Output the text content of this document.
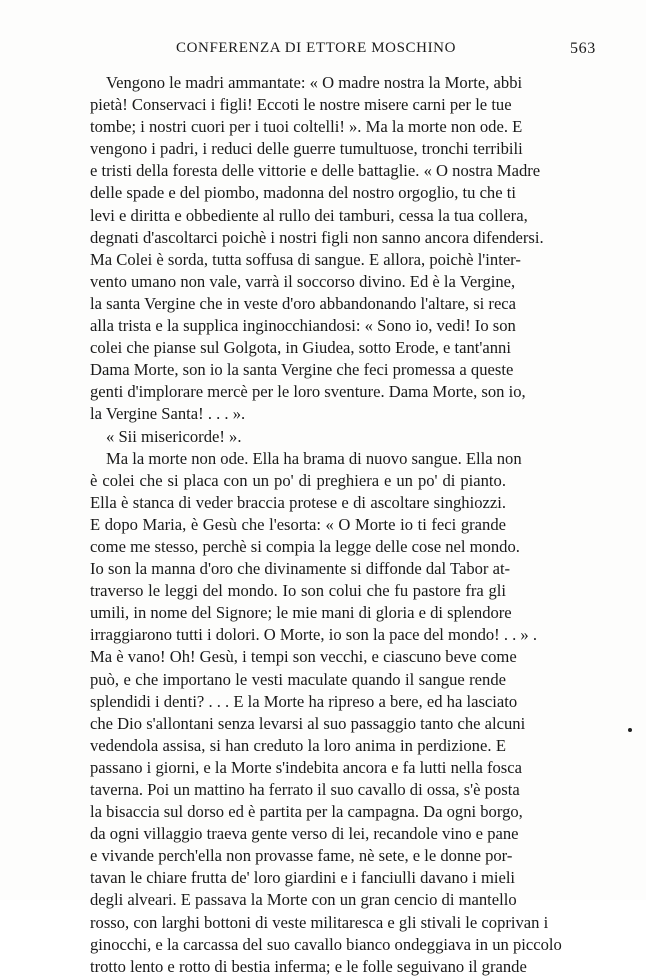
CONFERENZA DI ETTORE MOSCHINO	563
Vengono le madri ammantate: « O madre nostra la Morte, abbi
pietà! Conservaci i figli! Eccoti le nostre misere carni per le tue
tombe; i nostri cuori per i tuoi coltelli! ». Ma la morte non ode. E
vengono i padri, i reduci delle guerre tumultuose, tronchi terribili
e tristi della foresta delle vittorie e delle battaglie. « O nostra Madre
delle spade e del piombo, madonna del nostro orgoglio, tu che ti
levi e diritta e obbediente al rullo dei tamburi, cessa la tua collera,
degnati d'ascoltarci poichè i nostri figli non sanno ancora difendersi.
Ma Colei è sorda, tutta soffusa di sangue. E allora, poichè l'inter-
vento umano non vale, varrà il soccorso divino. Ed è la Vergine,
la santa Vergine che in veste d'oro abbandonando l'altare, si reca
alla trista e la supplica inginocchiandosi: « Sono io, vedi! Io son
colei che pianse sul Golgota, in Giudea, sotto Erode, e tant'anni
Dama Morte, son io la santa Vergine che feci promessa a queste
genti d'implorare mercè per le loro sventure. Dama Morte, son io,
la Vergine Santa! . . . ».
« Sii misericorde! ».
Ma la morte non ode. Ella ha brama di nuovo sangue. Ella non
è colei che si placa con un po' di preghiera e un po' di pianto.
Ella è stanca di veder braccia protese e di ascoltare singhiozzi.
E dopo Maria, è Gesù che l'esorta: « O Morte io ti feci grande
come me stesso, perchè si compia la legge delle cose nel mondo.
Io son la manna d'oro che divinamente si diffonde dal Tabor at-
traverso le leggi del mondo. Io son colui che fu pastore fra gli
umili, in nome del Signore; le mie mani di gloria e di splendore
irraggiarono tutti i dolori. O Morte, io son la pace del mondo! . . » .
Ma è vano! Oh! Gesù, i tempi son vecchi, e ciascuno beve come
può, e che importano le vesti maculate quando il sangue rende
splendidi i denti? . . . E la Morte ha ripreso a bere, ed ha lasciato
che Dio s'allontani senza levarsi al suo passaggio tanto che alcuni
vedendola assisa, si han creduto la loro anima in perdizione. E
passano i giorni, e la Morte s'indebita ancora e fa lutti nella fosca
taverna. Poi un mattino ha ferrato il suo cavallo di ossa, s'è posta
la bisaccia sul dorso ed è partita per la campagna. Da ogni borgo,
da ogni villaggio traeva gente verso di lei, recandole vino e pane
e vivande perch'ella non provasse fame, nè sete, e le donne por-
tavan le chiare frutta de' loro giardini e i fanciulli davano i mieli
degli alveari. E passava la Morte con un gran cencio di mantello
rosso, con larghi bottoni di veste militaresca e gli stivali le coprivan i
ginocchi, e la carcassa del suo cavallo bianco ondeggiava in un piccolo
trotto lento e rotto di bestia inferma; e le folle seguivano il grande
